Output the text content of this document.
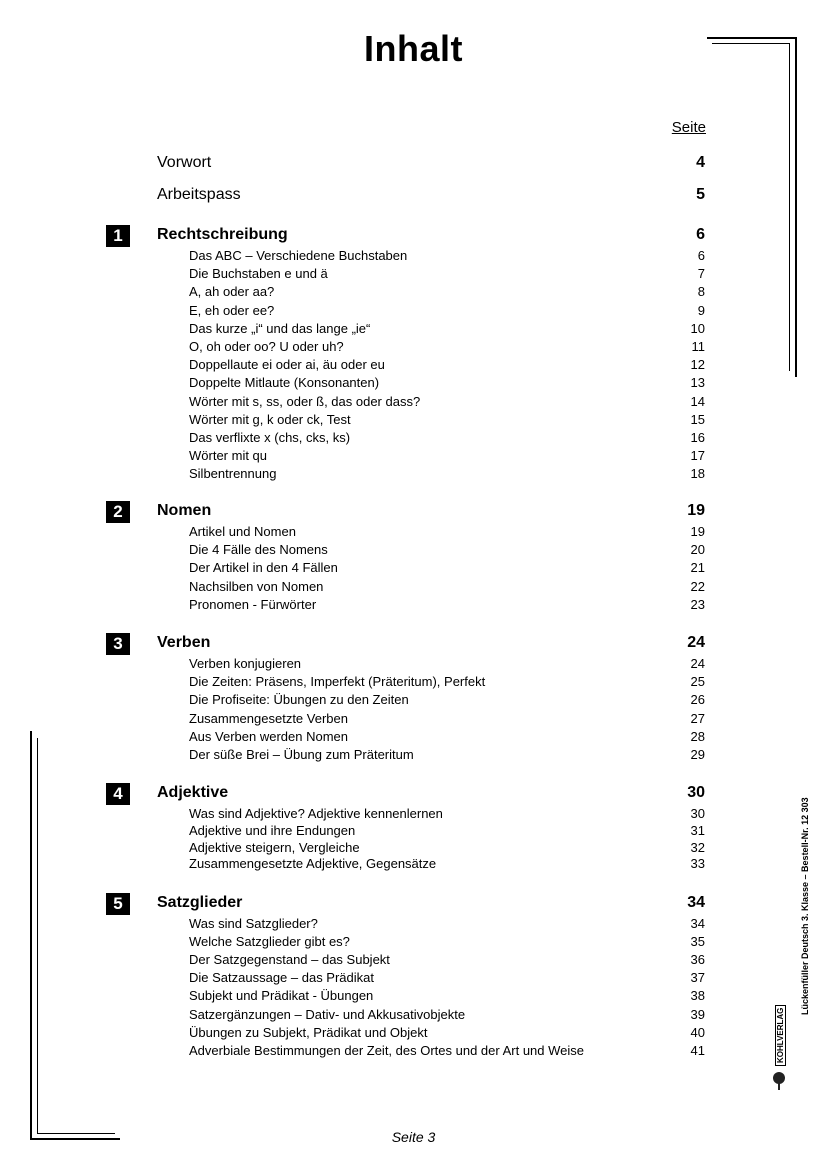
Inhalt
Seite
Vorwort	4
Arbeitspass	5
Rechtschreibung	6
1
Das ABC – Verschiedene Buchstaben	6
Die Buchstaben e und ä	7
A, ah oder aa?	8
E, eh oder ee?	9
Das kurze „i“ und das lange „ie“	10
O, oh oder oo? U oder uh?	11
Doppellaute ei oder ai, äu oder eu	12
Doppelte Mitlaute (Konsonanten)	13
Wörter mit s, ss, oder ß, das oder dass?	14
Wörter mit g, k oder ck, Test	15
Das verflixte x (chs, cks, ks)	16
Wörter mit qu	17
Silbentrennung	18
Nomen	19
2
Artikel und Nomen	19
Die 4 Fälle des Nomens	20
Der Artikel in den 4 Fällen	21
Nachsilben von Nomen	22
Pronomen - Fürwörter	23
Verben	24
3
Verben konjugieren	24
Die Zeiten: Präsens, Imperfekt (Präteritum), Perfekt	25
Die Profiseite: Übungen zu den Zeiten	26
Zusammengesetzte Verben	27
Aus Verben werden Nomen	28
Der süße Brei – Übung zum Präteritum	29
Adjektive	30
4
Was sind Adjektive? Adjektive kennenlernen	30
Adjektive und ihre Endungen	31
Adjektive steigern, Vergleiche	32
Zusammengesetzte Adjektive, Gegensätze	33
Satzglieder	34
5
Was sind Satzglieder?	34
Welche Satzglieder gibt es?	35
Der Satzgegenstand – das Subjekt	36
Die Satzaussage – das Prädikat	37
Subjekt und Prädikat - Übungen	38
Satzergänzungen – Dativ- und Akkusativobjekte	39
Übungen zu Subjekt, Prädikat und Objekt	40
Adverbiale Bestimmungen der Zeit, des Ortes und der Art und Weise	41
Seite 3
Lückenfüller Deutsch 3. Klasse – Bestell-Nr. 12 303
KOHLVERLAG
